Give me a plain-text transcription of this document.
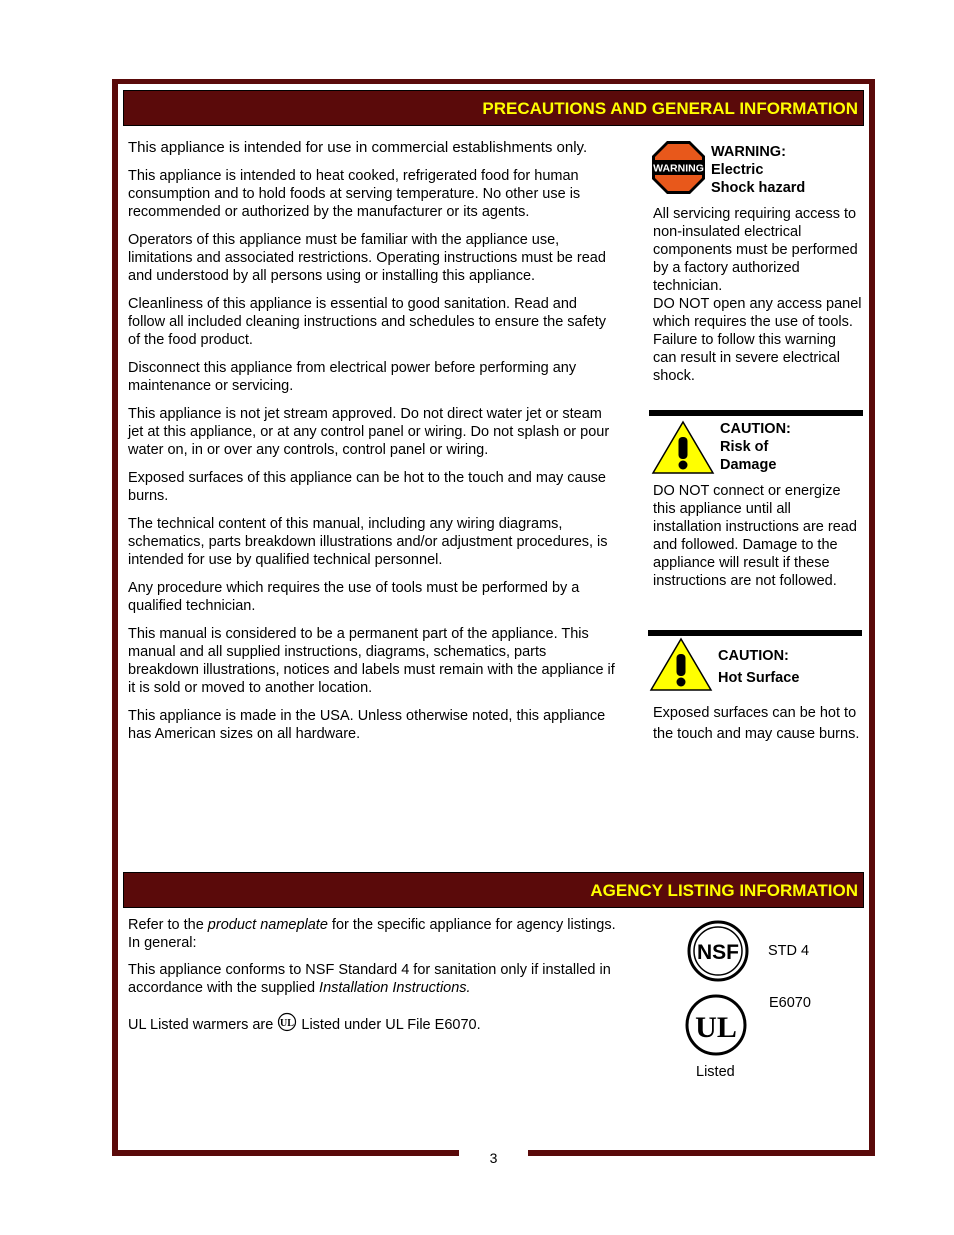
3
PRECAUTIONS AND GENERAL INFORMATION

This appliance is intended for use in commercial establishments only.

This appliance is intended to heat cooked, refrigerated food for human consumption and to hold foods at serving temperature. No other use is recommended or authorized by the manufacturer or its agents.

Operators of this appliance must be familiar with the appliance use, limitations and associated restrictions. Operating instructions must be read and understood by all persons using or installing this appliance.

Cleanliness of this appliance is essential to good sanitation. Read and follow all included cleaning instructions and schedules to ensure the safety of the food product.

Disconnect this appliance from electrical power before performing any maintenance or servicing.

This appliance is not jet stream approved. Do not direct water jet or steam jet at this appliance, or at any control panel or wiring. Do not splash or pour water on, in or over any controls, control panel or wiring.

Exposed surfaces of this appliance can be hot to the touch and may cause burns.

The technical content of this manual, including any wiring diagrams, schematics, parts breakdown illustrations and/or adjustment procedures, is intended for use by qualified technical personnel.

Any procedure which requires the use of tools must be performed by a qualified technician.

This manual is considered to be a permanent part of the appliance. This manual and all supplied instructions, diagrams, schematics, parts breakdown illustrations, notices and labels must remain with the appliance if it is sold or moved to another location.

This appliance is made in the USA. Unless otherwise noted, this appliance has American sizes on all hardware.

WARNING
WARNING:
Electric
Shock hazard
All servicing requiring access to non-insulated electrical components must be performed by a factory authorized technician.
DO NOT open any access panel which requires the use of tools. Failure to follow this warning can result in severe electrical shock.
CAUTION:
Risk of
Damage
DO NOT connect or energize this appliance until all installation instructions are read and followed. Damage to the appliance will result if these instructions are not followed.
CAUTION:
Hot Surface
Exposed surfaces can be hot to the touch and may cause burns.
AGENCY LISTING INFORMATION
Refer to the product nameplate for the specific appliance for agency listings. In general:
This appliance conforms to NSF Standard 4 for sanitation only if installed in accordance with the supplied Installation Instructions.
UL Listed warmers are UL Listed under UL File E6070.
NSF STD 4
E6070
UL
Listed
